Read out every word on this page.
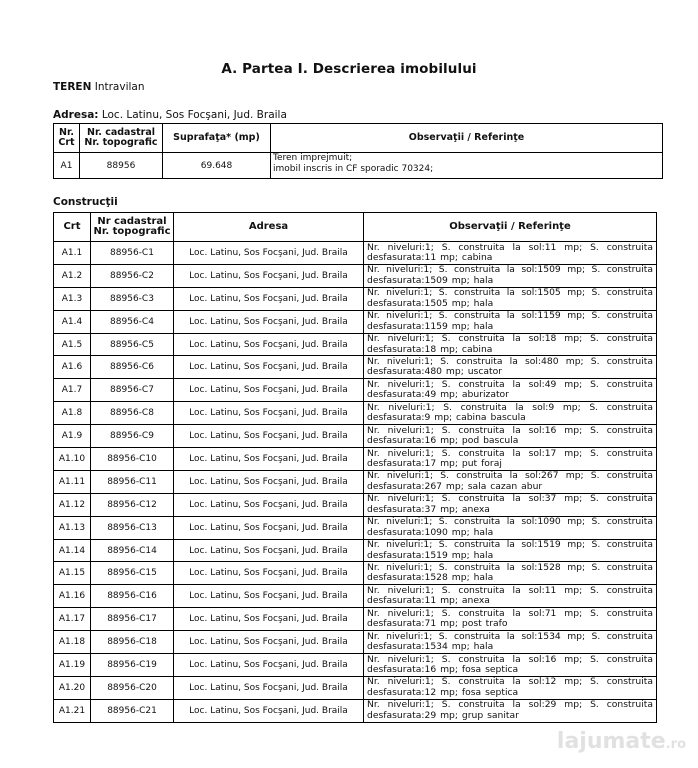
A. Partea I. Descrierea imobilului
TEREN Intravilan
Adresa: Loc. Latinu, Sos Focşani, Jud. Braila
Nr. Crt	Nr. cadastral Nr. topografic	Suprafaţa* (mp)	Observaţii / Referinţe
A1	88956	69.648	Teren imprejmuit;
imobil inscris in CF sporadic 70324;
Construcţii
Crt	Nr cadastral Nr. topografic	Adresa	Observaţii / Referinţe
A1.1	88956-C1	Loc. Latinu, Sos Focşani, Jud. Braila	Nr. niveluri:1; S. construita la sol:11 mp; S. construita
desfasurata:11 mp; cabina

A1.2	88956-C2	Loc. Latinu, Sos Focşani, Jud. Braila	Nr. niveluri:1; S. construita la sol:1509 mp; S. construita
desfasurata:1509 mp; hala

A1.3	88956-C3	Loc. Latinu, Sos Focşani, Jud. Braila	Nr. niveluri:1; S. construita la sol:1505 mp; S. construita
desfasurata:1505 mp; hala

A1.4	88956-C4	Loc. Latinu, Sos Focşani, Jud. Braila	Nr. niveluri:1; S. construita la sol:1159 mp; S. construita
desfasurata:1159 mp; hala

A1.5	88956-C5	Loc. Latinu, Sos Focşani, Jud. Braila	Nr. niveluri:1; S. construita la sol:18 mp; S. construita
desfasurata:18 mp; cabina

A1.6	88956-C6	Loc. Latinu, Sos Focşani, Jud. Braila	Nr. niveluri:1; S. construita la sol:480 mp; S. construita
desfasurata:480 mp; uscator

A1.7	88956-C7	Loc. Latinu, Sos Focşani, Jud. Braila	Nr. niveluri:1; S. construita la sol:49 mp; S. construita
desfasurata:49 mp; aburizator

A1.8	88956-C8	Loc. Latinu, Sos Focşani, Jud. Braila	Nr. niveluri:1; S. construita la sol:9 mp; S. construita
desfasurata:9 mp; cabina bascula

A1.9	88956-C9	Loc. Latinu, Sos Focşani, Jud. Braila	Nr. niveluri:1; S. construita la sol:16 mp; S. construita
desfasurata:16 mp; pod bascula

A1.10	88956-C10	Loc. Latinu, Sos Focşani, Jud. Braila	Nr. niveluri:1; S. construita la sol:17 mp; S. construita
desfasurata:17 mp; put foraj

A1.11	88956-C11	Loc. Latinu, Sos Focşani, Jud. Braila	Nr. niveluri:1; S. construita la sol:267 mp; S. construita
desfasurata:267 mp; sala cazan abur

A1.12	88956-C12	Loc. Latinu, Sos Focşani, Jud. Braila	Nr. niveluri:1; S. construita la sol:37 mp; S. construita
desfasurata:37 mp; anexa

A1.13	88956-C13	Loc. Latinu, Sos Focşani, Jud. Braila	Nr. niveluri:1; S. construita la sol:1090 mp; S. construita
desfasurata:1090 mp; hala

A1.14	88956-C14	Loc. Latinu, Sos Focşani, Jud. Braila	Nr. niveluri:1; S. construita la sol:1519 mp; S. construita
desfasurata:1519 mp; hala

A1.15	88956-C15	Loc. Latinu, Sos Focşani, Jud. Braila	Nr. niveluri:1; S. construita la sol:1528 mp; S. construita
desfasurata:1528 mp; hala

A1.16	88956-C16	Loc. Latinu, Sos Focşani, Jud. Braila	Nr. niveluri:1; S. construita la sol:11 mp; S. construita
desfasurata:11 mp; anexa

A1.17	88956-C17	Loc. Latinu, Sos Focşani, Jud. Braila	Nr. niveluri:1; S. construita la sol:71 mp; S. construita
desfasurata:71 mp; post trafo

A1.18	88956-C18	Loc. Latinu, Sos Focşani, Jud. Braila	Nr. niveluri:1; S. construita la sol:1534 mp; S. construita
desfasurata:1534 mp; hala

A1.19	88956-C19	Loc. Latinu, Sos Focşani, Jud. Braila	Nr. niveluri:1; S. construita la sol:16 mp; S. construita
desfasurata:16 mp; fosa septica

A1.20	88956-C20	Loc. Latinu, Sos Focşani, Jud. Braila	Nr. niveluri:1; S. construita la sol:12 mp; S. construita
desfasurata:12 mp; fosa septica

A1.21	88956-C21	Loc. Latinu, Sos Focşani, Jud. Braila	Nr. niveluri:1; S. construita la sol:29 mp; S. construita
desfasurata:29 mp; grup sanitar
lajumate.ro
